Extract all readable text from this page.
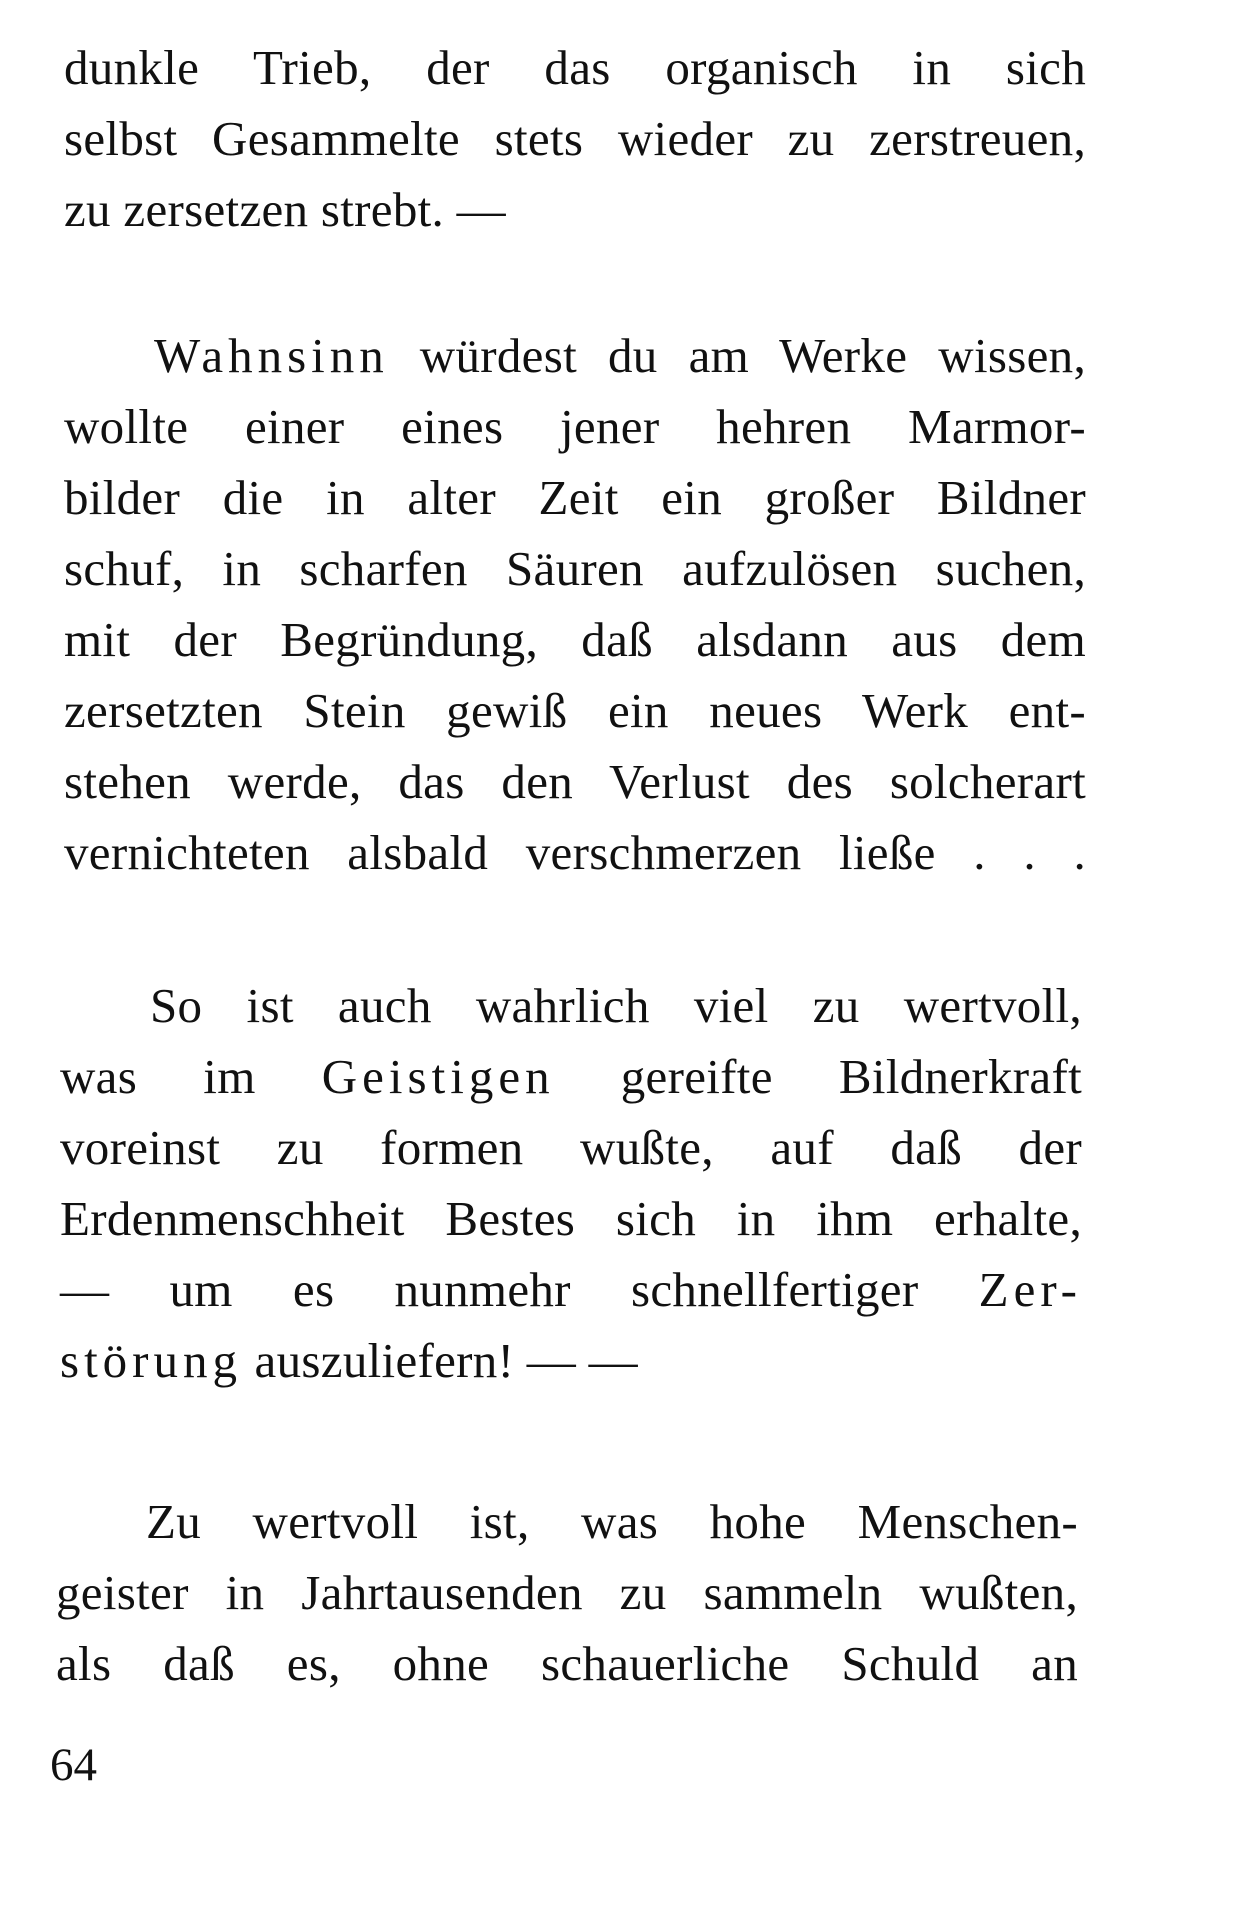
dunkle Trieb, der das organisch in sich
selbst Gesammelte stets wieder zu zerstreuen,
zu zersetzen strebt. —
Wahnsinn würdest du am Werke wissen,
wollte einer eines jener hehren Marmor-
bilder die in alter Zeit ein großer Bildner
schuf, in scharfen Säuren aufzulösen suchen,
mit der Begründung, daß alsdann aus dem
zersetzten Stein gewiß ein neues Werk ent-
stehen werde, das den Verlust des solcherart
vernichteten alsbald verschmerzen ließe . . .
So ist auch wahrlich viel zu wertvoll,
was im Geistigen gereifte Bildnerkraft
voreinst zu formen wußte, auf daß der
Erdenmenschheit Bestes sich in ihm erhalte,
— um es nunmehr schnellfertiger Zer-
störung auszuliefern! — —
Zu wertvoll ist, was hohe Menschen-
geister in Jahrtausenden zu sammeln wußten,
als daß es, ohne schauerliche Schuld an
64
